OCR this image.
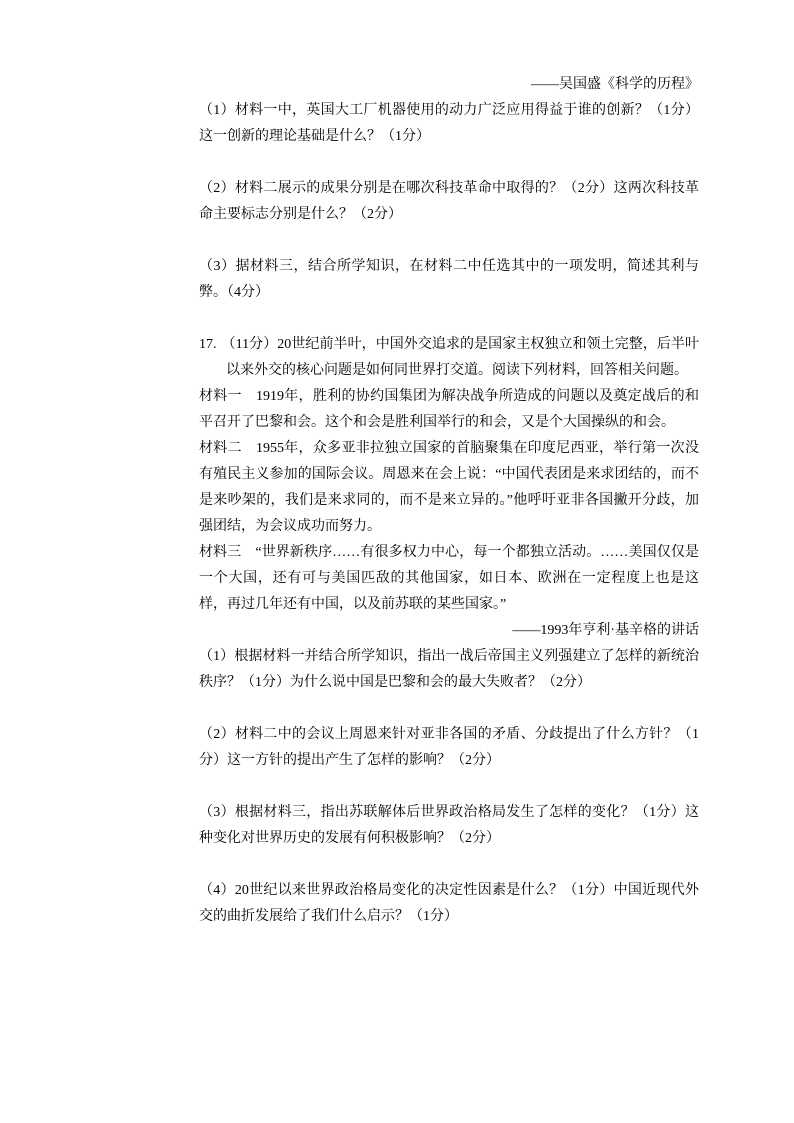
——吴国盛《科学的历程》

（1）材料一中，英国大工厂机器使用的动力广泛应用得益于谁的创新？（1分）这一创新的理论基础是什么？（1分）

（2）材料二展示的成果分别是在哪次科技革命中取得的？（2分）这两次科技革命主要标志分别是什么？（2分）

（3）据材料三，结合所学知识，在材料二中任选其中的一项发明，简述其利与弊。（4分）

17. （11分）20世纪前半叶，中国外交追求的是国家主权独立和领土完整，后半叶以来外交的核心问题是如何同世界打交道。阅读下列材料，回答相关问题。

材料一 1919年，胜利的协约国集团为解决战争所造成的问题以及奠定战后的和平召开了巴黎和会。这个和会是胜利国举行的和会，又是个大国操纵的和会。

材料二 1955年，众多亚非拉独立国家的首脑聚集在印度尼西亚，举行第一次没有殖民主义参加的国际会议。周恩来在会上说：“中国代表团是来求团结的，而不是来吵架的，我们是来求同的，而不是来立异的。”他呼吁亚非各国撇开分歧，加强团结，为会议成功而努力。

材料三 “世界新秩序……有很多权力中心，每一个都独立活动。……美国仅仅是一个大国，还有可与美国匹敌的其他国家，如日本、欧洲在一定程度上也是这样，再过几年还有中国，以及前苏联的某些国家。”

——1993年亨利·基辛格的讲话

（1）根据材料一并结合所学知识，指出一战后帝国主义列强建立了怎样的新统治秩序？（1分）为什么说中国是巴黎和会的最大失败者？（2分）

（2）材料二中的会议上周恩来针对亚非各国的矛盾、分歧提出了什么方针？（1分）这一方针的提出产生了怎样的影响？（2分）

（3）根据材料三，指出苏联解体后世界政治格局发生了怎样的变化？（1分）这种变化对世界历史的发展有何积极影响？（2分）

（4）20世纪以来世界政治格局变化的决定性因素是什么？（1分）中国近现代外交的曲折发展给了我们什么启示？（1分）
